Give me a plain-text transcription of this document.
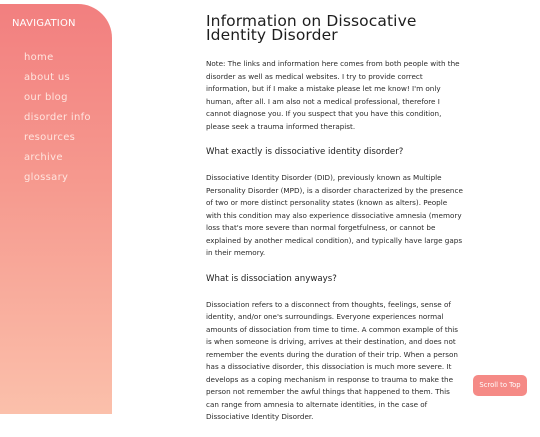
NAVIGATION
home
about us
our blog
disorder info
resources
archive
glossary
Information on Dissocative Identity Disorder

Note: The links and information here comes from both people with the disorder as well as medical websites. I try to provide correct information, but if I make a mistake please let me know! I'm only human, after all. I am also not a medical professional, therefore I cannot diagnose you. If you suspect that you have this condition, please seek a trauma informed therapist.

What exactly is dissociative identity disorder?

Dissociative Identity Disorder (DID), previously known as Multiple Personality Disorder (MPD), is a disorder characterized by the presence of two or more distinct personality states (known as alters). People with this condition may also experience dissociative amnesia (memory loss that's more severe than normal forgetfulness, or cannot be explained by another medical condition), and typically have large gaps in their memory.

What is dissociation anyways?

Dissociation refers to a disconnect from thoughts, feelings, sense of identity, and/or one's surroundings. Everyone experiences normal amounts of dissociation from time to time. A common example of this is when someone is driving, arrives at their destination, and does not remember the events during the duration of their trip. When a person has a dissociative disorder, this dissociation is much more severe. It develops as a coping mechanism in response to trauma to make the person not remember the awful things that happened to them. This can range from amnesia to alternate identities, in the case of Dissociative Identity Disorder.

Scroll to Top
